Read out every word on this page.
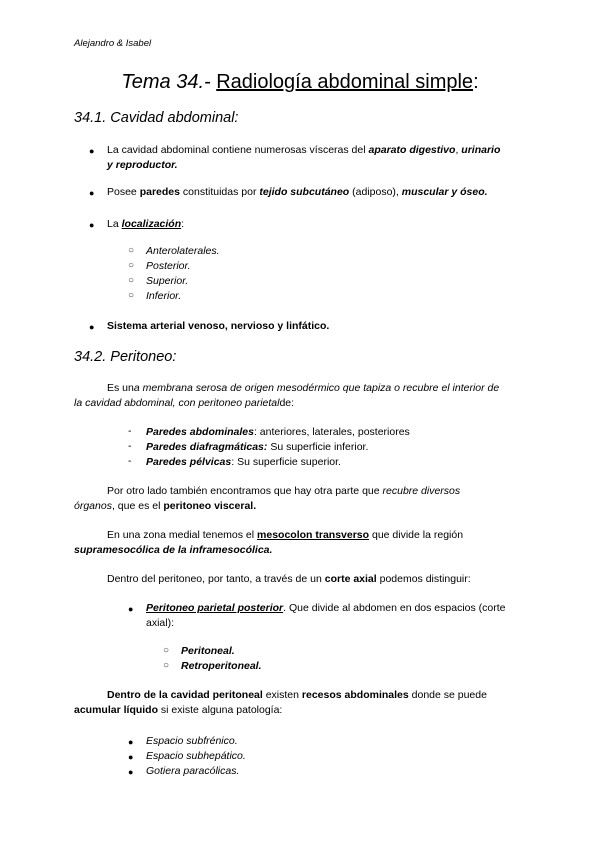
Alejandro & Isabel
Tema 34.- Radiología abdominal simple:
34.1. Cavidad abdominal:
● La cavidad abdominal contiene numerosas vísceras del aparato digestivo, urinario
y reproductor.
● Posee paredes constituidas por tejido subcutáneo (adiposo), muscular y óseo.
● La localización:
○ Anterolaterales.
○ Posterior.
○ Superior.
○ Inferior.
● Sistema arterial venoso, nervioso y linfático.
34.2. Peritoneo:
Es una membrana serosa de origen mesodérmico que tapiza o recubre el interior de
la cavidad abdominal, con peritoneo parietalde:
- Paredes abdominales: anteriores, laterales, posteriores
- Paredes diafragmáticas: Su superficie inferior.
- Paredes pélvicas: Su superficie superior.
Por otro lado también encontramos que hay otra parte que recubre diversos
órganos, que es el peritoneo visceral.
En una zona medial tenemos el mesocolon transverso que divide la región
supramesocólica de la inframesocólica.
Dentro del peritoneo, por tanto, a través de un corte axial podemos distinguir:
● Peritoneo parietal posterior. Que divide al abdomen en dos espacios (corte
axial):
○ Peritoneal.
○ Retroperitoneal.
Dentro de la cavidad peritoneal existen recesos abdominales donde se puede
acumular líquido si existe alguna patología:
● Espacio subfrénico.
● Espacio subhepático.
● Gotiera paracólicas.
